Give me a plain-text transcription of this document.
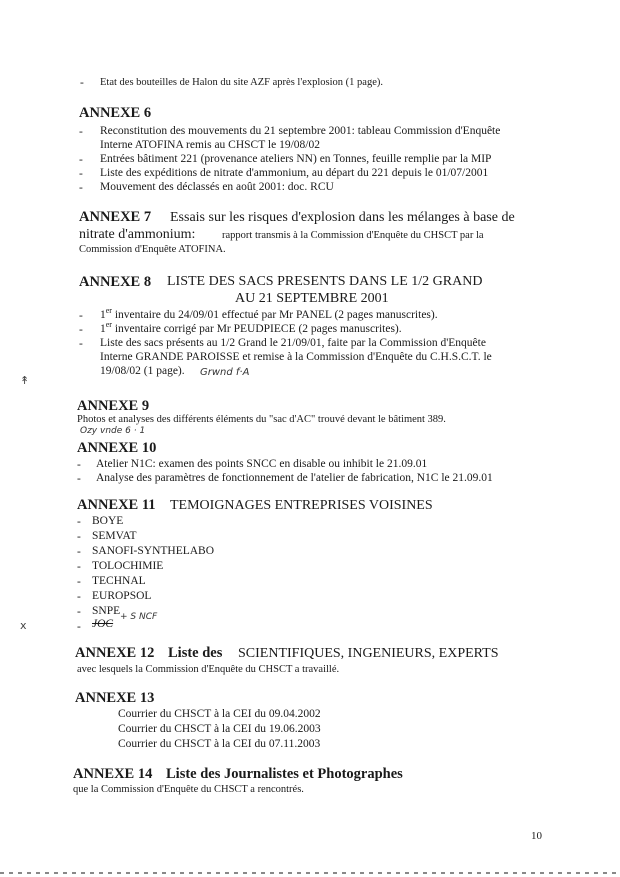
- Etat des bouteilles de Halon du site AZF après l'explosion (1 page).
ANNEXE 6
- Reconstitution des mouvements du 21 septembre 2001: tableau Commission d'Enquête
Interne ATOFINA remis au CHSCT le 19/08/02
- Entrées bâtiment 221 (provenance ateliers NN) en Tonnes, feuille remplie par la MIP
- Liste des expéditions de nitrate d'ammonium, au départ du 221 depuis le 01/07/2001
- Mouvement des déclassés en août 2001: doc. RCU
ANNEXE 7 Essais sur les risques d'explosion dans les mélanges à base de
nitrate d'ammonium:	rapport transmis à la Commission d'Enquête du CHSCT par la
Commission d'Enquête ATOFINA.
ANNEXE 8 LISTE DES SACS PRESENTS DANS LE 1/2 GRAND
AU 21 SEPTEMBRE 2001
- 1er inventaire du 24/09/01 effectué par Mr PANEL (2 pages manuscrites).
- 1er inventaire corrigé par Mr PEUDPIECE (2 pages manuscrites).
- Liste des sacs présents au 1/2 Grand le 21/09/01, faite par la Commission d'Enquête
Interne GRANDE PAROISSE et remise à la Commission d'Enquête du C.H.S.C.T. le
19/08/02 (1 page). Grwnd f·A
↟
ANNEXE 9
Photos et analyses des différents éléments du "sac d'AC" trouvé devant le bâtiment 389.
Ozy vnde 6 · 1
ANNEXE 10
- Atelier N1C: examen des points SNCC en disable ou inhibit le 21.09.01
- Analyse des paramètres de fonctionnement de l'atelier de fabrication, N1C le 21.09.01
ANNEXE 11 TEMOIGNAGES ENTREPRISES VOISINES
- BOYE
- SEMVAT
- SANOFI-SYNTHELABO
- TOLOCHIMIE
- TECHNAL
- EUROPSOL
- SNPE
- JOC
+ S NCF
x
ANNEXE 12 Liste des SCIENTIFIQUES, INGENIEURS, EXPERTS
avec lesquels la Commission d'Enquête du CHSCT a travaillé.
ANNEXE 13
Courrier du CHSCT à la CEI du 09.04.2002
Courrier du CHSCT à la CEI du 19.06.2003
Courrier du CHSCT à la CEI du 07.11.2003
ANNEXE 14 Liste des Journalistes et Photographes
que la Commission d'Enquête du CHSCT a rencontrés.
10
